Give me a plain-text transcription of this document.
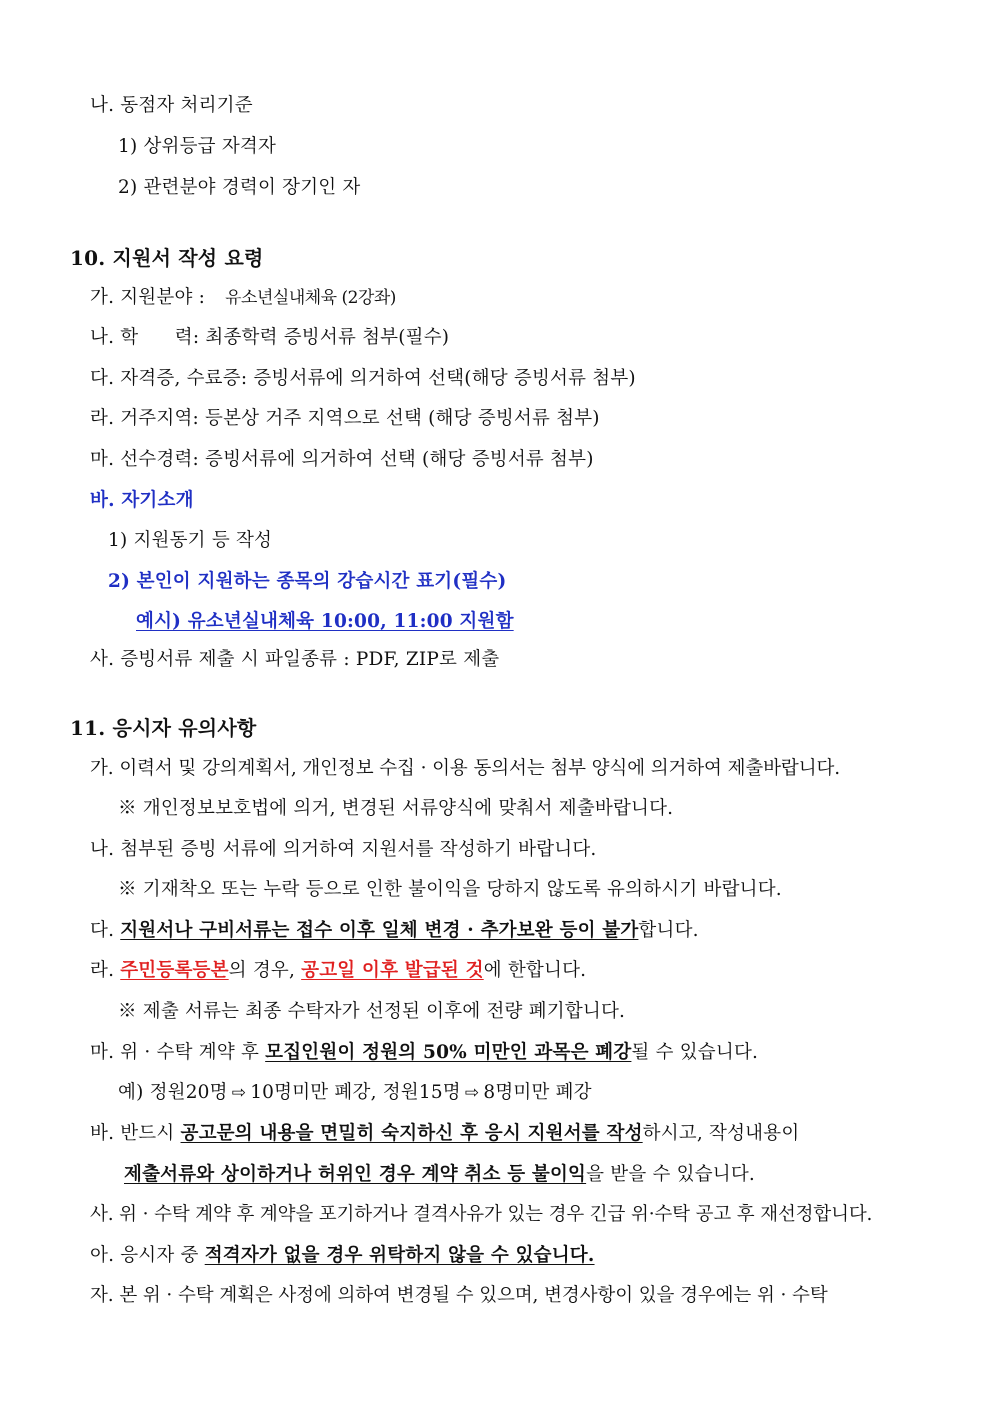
나. 동점자 처리기준
1) 상위등급 자격자
2) 관련분야 경력이 장기인 자
10. 지원서 작성 요령
가. 지원분야 : 유소년실내체육 (2강좌)
나. 학      력: 최종학력 증빙서류 첨부(필수)
다. 자격증, 수료증: 증빙서류에 의거하여 선택(해당 증빙서류 첨부)
라. 거주지역: 등본상 거주 지역으로 선택 (해당 증빙서류 첨부)
마. 선수경력: 증빙서류에 의거하여 선택 (해당 증빙서류 첨부)
바. 자기소개
1) 지원동기 등 작성
2) 본인이 지원하는 종목의 강습시간 표기(필수)
예시) 유소년실내체육 10:00, 11:00 지원함
사. 증빙서류 제출 시 파일종류 : PDF, ZIP로 제출
11. 응시자 유의사항
가. 이력서 및 강의계획서, 개인정보 수집 · 이용 동의서는 첨부 양식에 의거하여 제출바랍니다.
※ 개인정보보호법에 의거, 변경된 서류양식에 맞춰서 제출바랍니다.
나. 첨부된 증빙 서류에 의거하여 지원서를 작성하기 바랍니다.
※ 기재착오 또는 누락 등으로 인한 불이익을 당하지 않도록 유의하시기 바랍니다.
다. 지원서나 구비서류는 접수 이후 일체 변경 · 추가보완 등이 불가합니다.
라. 주민등록등본의 경우, 공고일 이후 발급된 것에 한합니다.
※ 제출 서류는 최종 수탁자가 선정된 이후에 전량 폐기합니다.
마. 위 · 수탁 계약 후 모집인원이 정원의 50% 미만인 과목은 폐강될 수 있습니다.
예) 정원20명 ⇨ 10명미만 폐강, 정원15명 ⇨ 8명미만 폐강
바. 반드시 공고문의 내용을 면밀히 숙지하신 후 응시 지원서를 작성하시고, 작성내용이
제출서류와 상이하거나 허위인 경우 계약 취소 등 불이익을 받을 수 있습니다.
사. 위 · 수탁 계약 후 계약을 포기하거나 결격사유가 있는 경우 긴급 위·수탁 공고 후 재선정합니다.
아. 응시자 중 적격자가 없을 경우 위탁하지 않을 수 있습니다.
자. 본 위 · 수탁 계획은 사정에 의하여 변경될 수 있으며, 변경사항이 있을 경우에는 위 · 수탁
